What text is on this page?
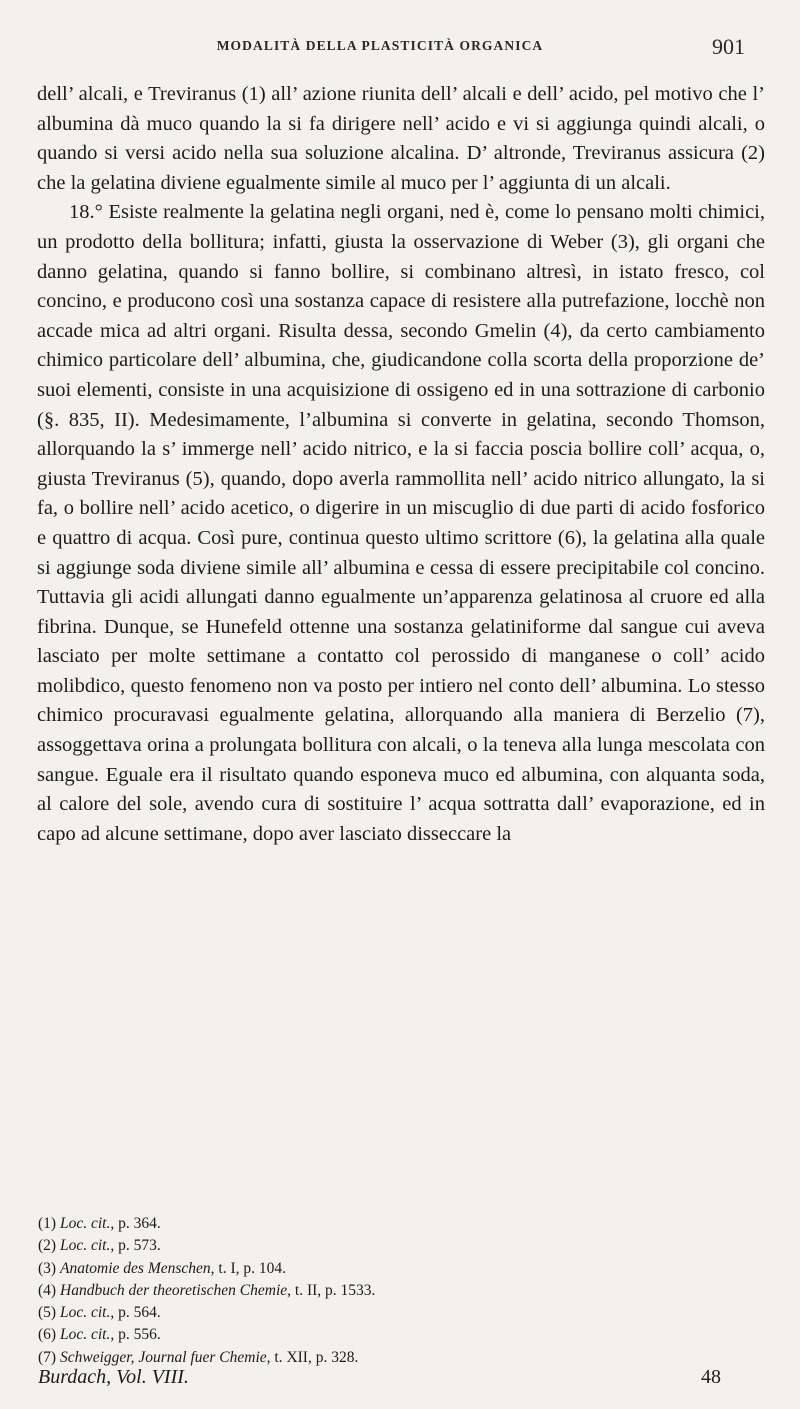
MODALITÀ DELLA PLASTICITÀ ORGANICA	901

dell’ alcali, e Treviranus (1) all’ azione riunita dell’ alcali e dell’ acido, pel motivo che l’ albumina dà muco quando la si fa dirigere nell’ acido e vi si aggiunga quindi alcali, o quando si versi acido nella sua soluzione alcalina. D’ altronde, Treviranus assicura (2) che la gelatina diviene egualmente simile al muco per l’ aggiunta di un alcali.

18.° Esiste realmente la gelatina negli organi, ned è, come lo pensano molti chimici, un prodotto della bollitura; infatti, giusta la osservazione di Weber (3), gli organi che danno gelatina, quando si fanno bollire, si combinano altresì, in istato fresco, col concino, e producono così una sostanza capace di resistere alla putrefazione, locchè non accade mica ad altri organi. Risulta dessa, secondo Gmelin (4), da certo cambiamento chimico particolare dell’ albumina, che, giudicandone colla scorta della proporzione de’ suoi elementi, consiste in una acquisizione di ossigeno ed in una sottrazione di carbonio (§. 835, II). Medesimamente, l’albumina si converte in gelatina, secondo Thomson, allorquando la s’ immerge nell’ acido nitrico, e la si faccia poscia bollire coll’ acqua, o, giusta Treviranus (5), quando, dopo averla rammollita nell’ acido nitrico allungato, la si fa, o bollire nell’ acido acetico, o digerire in un miscuglio di due parti di acido fosforico e quattro di acqua. Così pure, continua questo ultimo scrittore (6), la gelatina alla quale si aggiunge soda diviene simile all’ albumina e cessa di essere precipitabile col concino. Tuttavia gli acidi allungati danno egualmente un’apparenza gelatinosa al cruore ed alla fibrina. Dunque, se Hunefeld ottenne una sostanza gelatiniforme dal sangue cui aveva lasciato per molte settimane a contatto col perossido di manganese o coll’ acido molibdico, questo fenomeno non va posto per intiero nel conto dell’ albumina. Lo stesso chimico procuravasi egualmente gelatina, allorquando alla maniera di Berzelio (7), assoggettava orina a prolungata bollitura con alcali, o la teneva alla lunga mescolata con sangue. Eguale era il risultato quando esponeva muco ed albumina, con alquanta soda, al calore del sole, avendo cura di sostituire l’ acqua sottratta dall’ evaporazione, ed in capo ad alcune settimane, dopo aver lasciato disseccare la

(1) Loc. cit., p. 364.
(2) Loc. cit., p. 573.
(3) Anatomie des Menschen, t. I, p. 104.
(4) Handbuch der theoretischen Chemie, t. II, p. 1533.
(5) Loc. cit., p. 564.
(6) Loc. cit., p. 556.
(7) Schweigger, Journal fuer Chemie, t. XII, p. 328.
Burdach, Vol. VIII.	48
